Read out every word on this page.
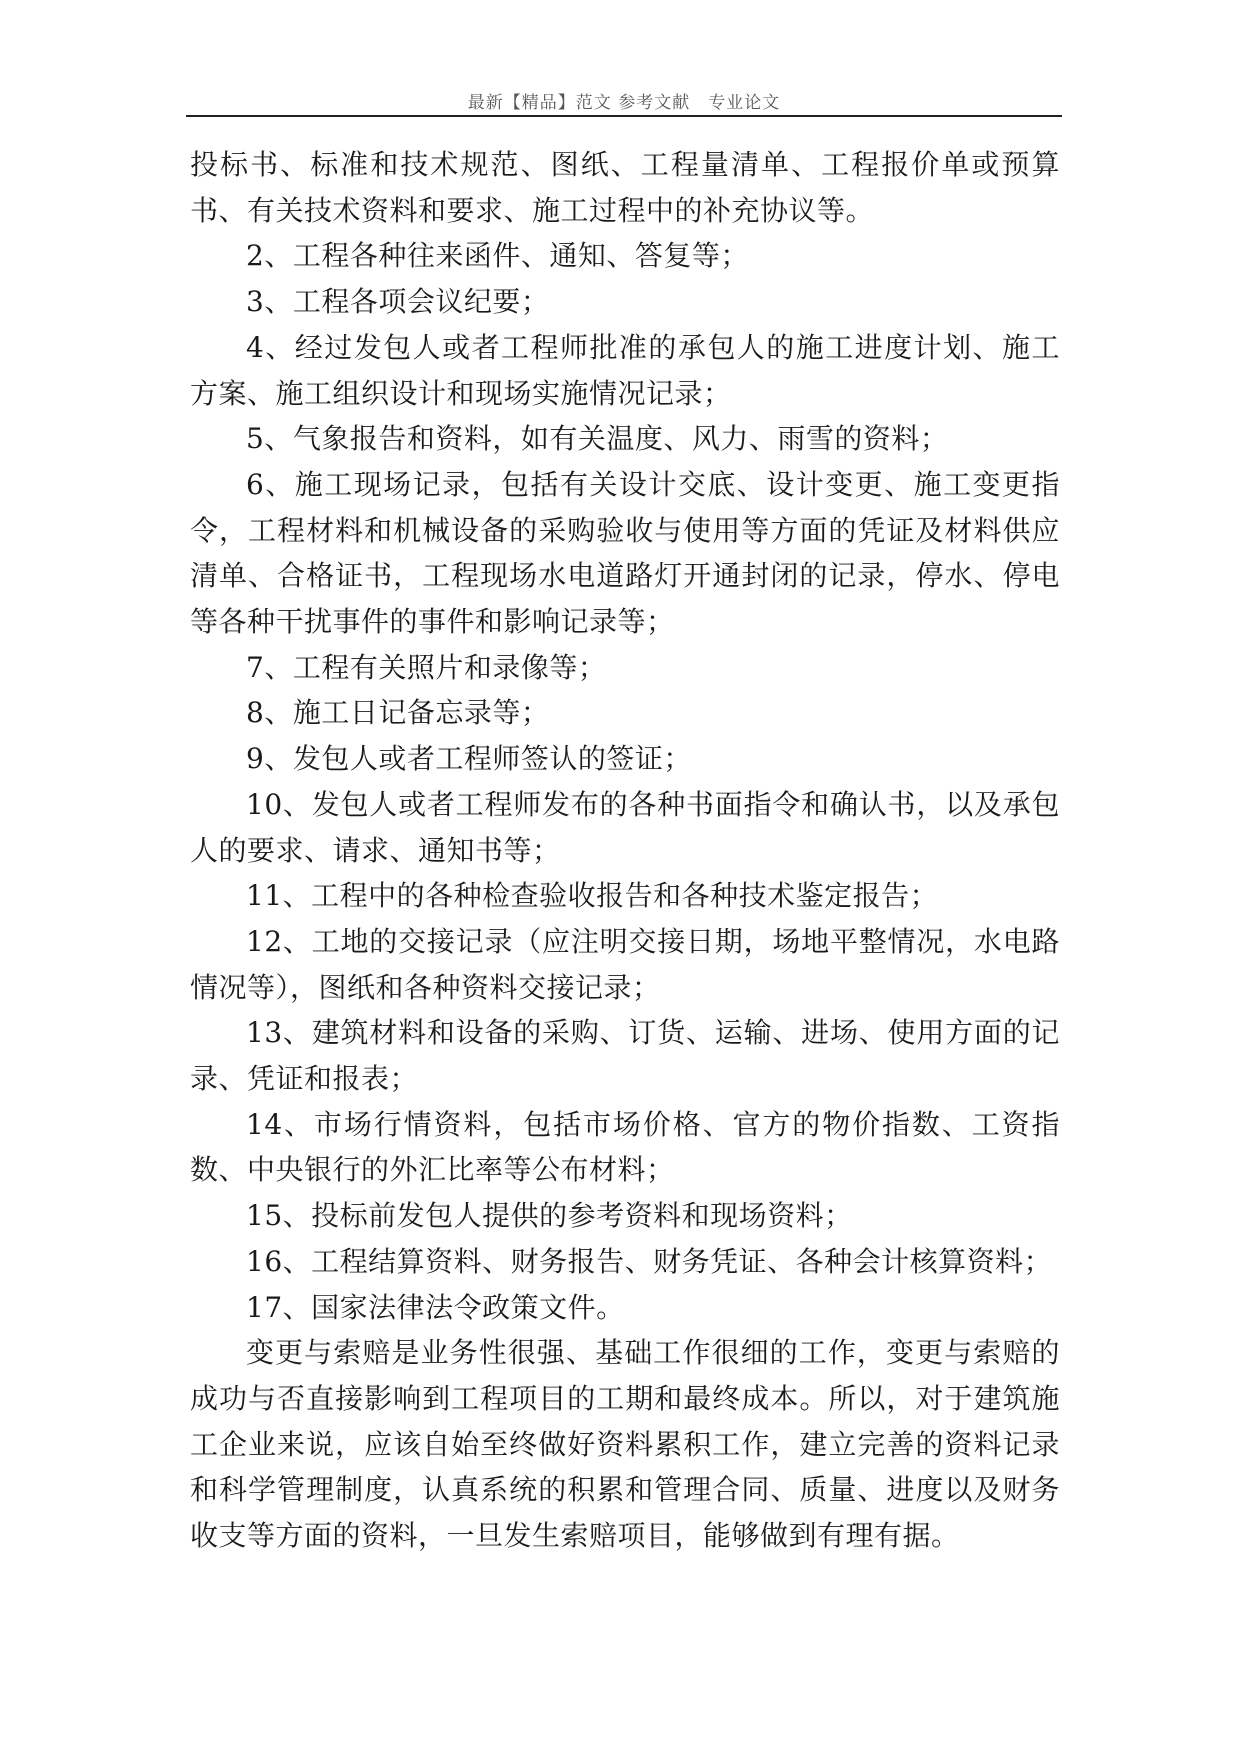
最新【精品】范文 参考文献　专业论文

投标书、标准和技术规范、图纸、工程量清单、工程报价单或预算书、有关技术资料和要求、施工过程中的补充协议等。

2、工程各种往来函件、通知、答复等；

3、工程各项会议纪要；

4、经过发包人或者工程师批准的承包人的施工进度计划、施工方案、施工组织设计和现场实施情况记录；

5、气象报告和资料，如有关温度、风力、雨雪的资料；

6、施工现场记录，包括有关设计交底、设计变更、施工变更指令，工程材料和机械设备的采购验收与使用等方面的凭证及材料供应清单、合格证书，工程现场水电道路灯开通封闭的记录，停水、停电等各种干扰事件的事件和影响记录等；

7、工程有关照片和录像等；

8、施工日记备忘录等；

9、发包人或者工程师签认的签证；

10、发包人或者工程师发布的各种书面指令和确认书，以及承包人的要求、请求、通知书等；

11、工程中的各种检查验收报告和各种技术鉴定报告；

12、工地的交接记录（应注明交接日期，场地平整情况，水电路情况等），图纸和各种资料交接记录；

13、建筑材料和设备的采购、订货、运输、进场、使用方面的记录、凭证和报表；

14、市场行情资料，包括市场价格、官方的物价指数、工资指数、中央银行的外汇比率等公布材料；

15、投标前发包人提供的参考资料和现场资料；

16、工程结算资料、财务报告、财务凭证、各种会计核算资料；

17、国家法律法令政策文件。

变更与索赔是业务性很强、基础工作很细的工作，变更与索赔的成功与否直接影响到工程项目的工期和最终成本。所以，对于建筑施工企业来说，应该自始至终做好资料累积工作，建立完善的资料记录和科学管理制度，认真系统的积累和管理合同、质量、进度以及财务收支等方面的资料，一旦发生索赔项目，能够做到有理有据。
